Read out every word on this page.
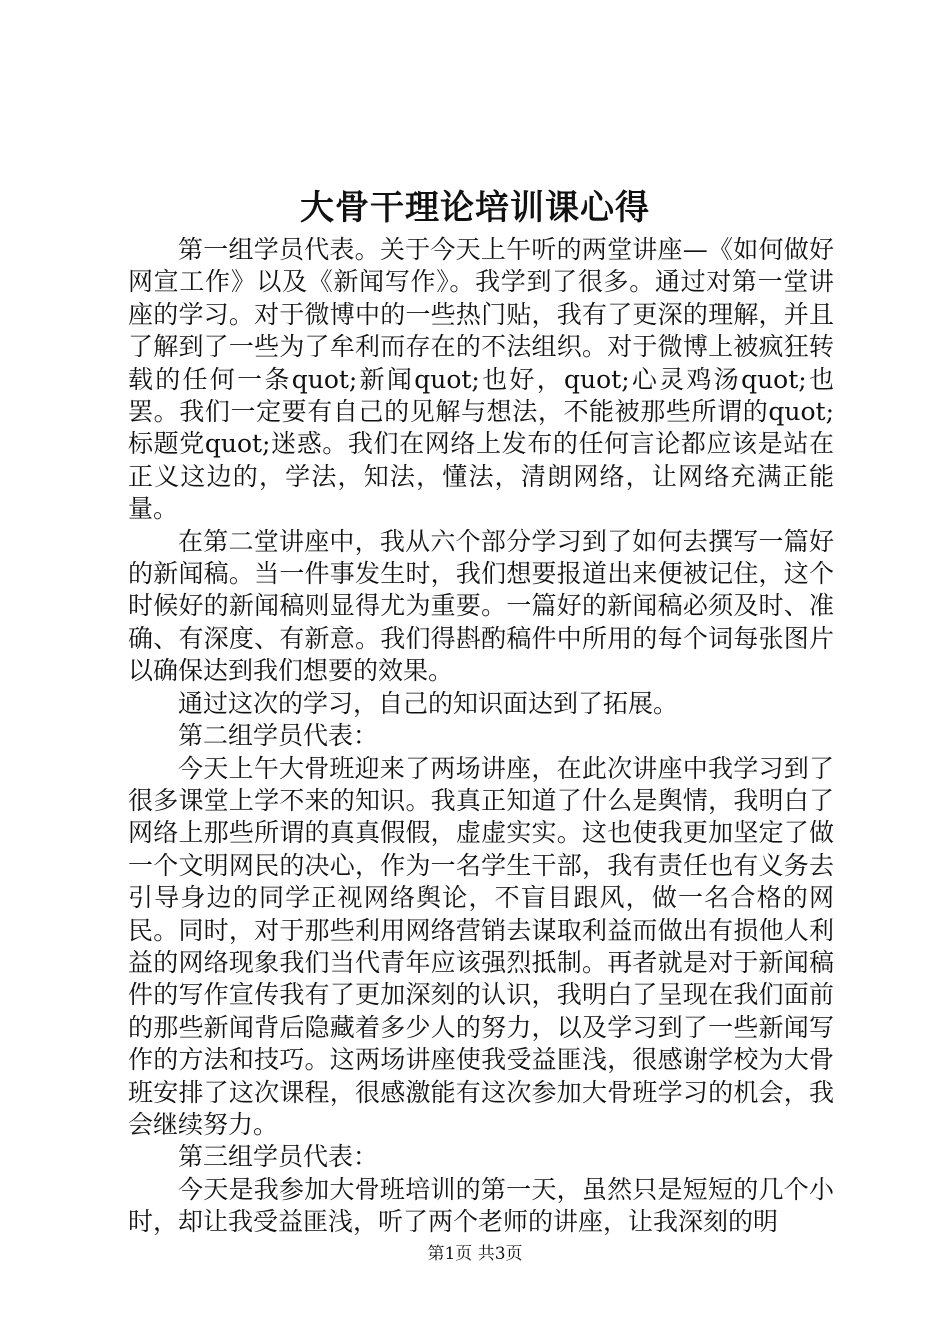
大骨干理论培训课心得

第一组学员代表。关于今天上午听的两堂讲座—《如何做好网宣工作》以及《新闻写作》。我学到了很多。通过对第一堂讲座的学习。对于微博中的一些热门贴，我有了更深的理解，并且了解到了一些为了牟利而存在的不法组织。对于微博上被疯狂转载的任何一条quot;新闻quot;也好，quot;心灵鸡汤quot;也罢。我们一定要有自己的见解与想法，不能被那些所谓的quot;标题党quot;迷惑。我们在网络上发布的任何言论都应该是站在正义这边的，学法，知法，懂法，清朗网络，让网络充满正能量。

在第二堂讲座中，我从六个部分学习到了如何去撰写一篇好的新闻稿。当一件事发生时，我们想要报道出来便被记住，这个时候好的新闻稿则显得尤为重要。一篇好的新闻稿必须及时、准确、有深度、有新意。我们得斟酌稿件中所用的每个词每张图片以确保达到我们想要的效果。

通过这次的学习，自己的知识面达到了拓展。

第二组学员代表：

今天上午大骨班迎来了两场讲座，在此次讲座中我学习到了很多课堂上学不来的知识。我真正知道了什么是舆情，我明白了网络上那些所谓的真真假假，虚虚实实。这也使我更加坚定了做一个文明网民的决心，作为一名学生干部，我有责任也有义务去引导身边的同学正视网络舆论，不盲目跟风，做一名合格的网民。同时，对于那些利用网络营销去谋取利益而做出有损他人利益的网络现象我们当代青年应该强烈抵制。再者就是对于新闻稿件的写作宣传我有了更加深刻的认识，我明白了呈现在我们面前的那些新闻背后隐藏着多少人的努力，以及学习到了一些新闻写作的方法和技巧。这两场讲座使我受益匪浅，很感谢学校为大骨班安排了这次课程，很感激能有这次参加大骨班学习的机会，我会继续努力。

第三组学员代表：

今天是我参加大骨班培训的第一天，虽然只是短短的几个小时，却让我受益匪浅，听了两个老师的讲座，让我深刻的明

第1页 共3页
